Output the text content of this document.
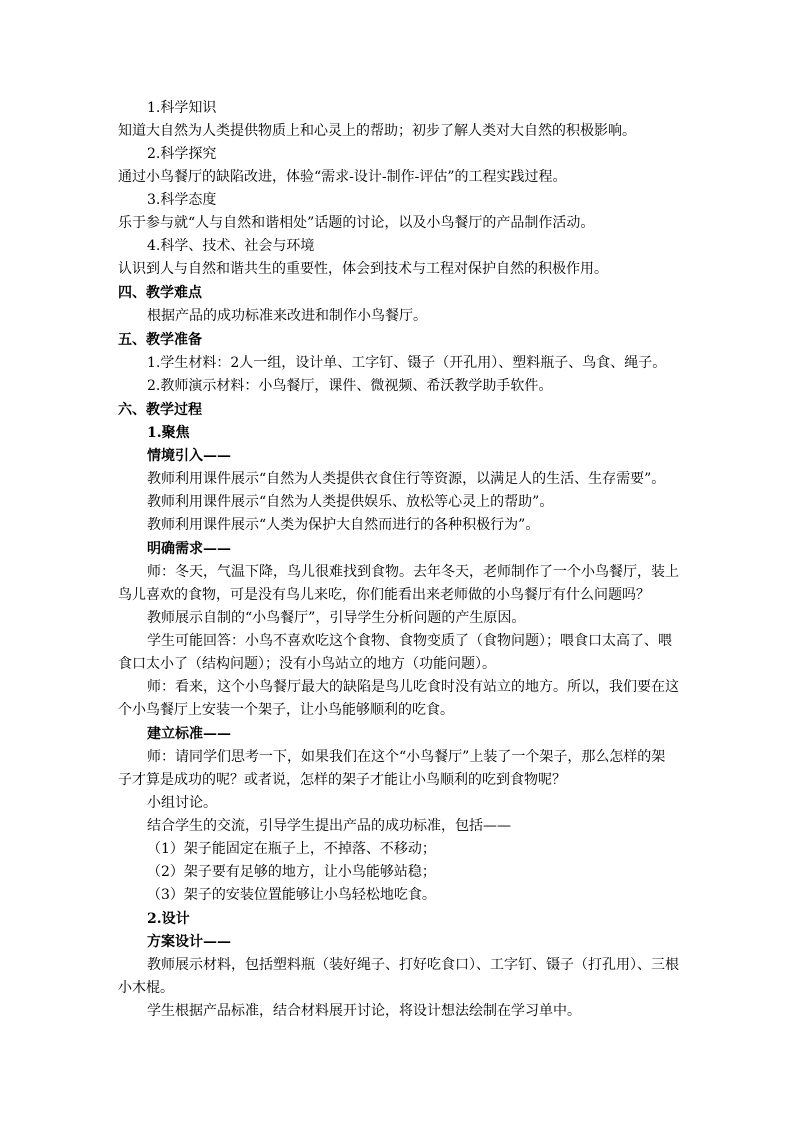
1.科学知识
知道大自然为人类提供物质上和心灵上的帮助；初步了解人类对大自然的积极影响。
2.科学探究
通过小鸟餐厅的缺陷改进，体验“需求-设计-制作-评估”的工程实践过程。
3.科学态度
乐于参与就“人与自然和谐相处”话题的讨论，以及小鸟餐厅的产品制作活动。
4.科学、技术、社会与环境
认识到人与自然和谐共生的重要性，体会到技术与工程对保护自然的积极作用。
四、教学难点
根据产品的成功标准来改进和制作小鸟餐厅。
五、教学准备
1.学生材料：2人一组，设计单、工字钉、镊子（开孔用）、塑料瓶子、鸟食、绳子。
2.教师演示材料：小鸟餐厅，课件、微视频、希沃教学助手软件。
六、教学过程
1.聚焦
情境引入——
教师利用课件展示“自然为人类提供衣食住行等资源，以满足人的生活、生存需要”。
教师利用课件展示“自然为人类提供娱乐、放松等心灵上的帮助”。
教师利用课件展示“人类为保护大自然而进行的各种积极行为”。
明确需求——
师：冬天，气温下降，鸟儿很难找到食物。去年冬天，老师制作了一个小鸟餐厅，装上
鸟儿喜欢的食物，可是没有鸟儿来吃，你们能看出来老师做的小鸟餐厅有什么问题吗？
教师展示自制的“小鸟餐厅”，引导学生分析问题的产生原因。
学生可能回答：小鸟不喜欢吃这个食物、食物变质了（食物问题）；喂食口太高了、喂
食口太小了（结构问题）；没有小鸟站立的地方（功能问题）。
师：看来，这个小鸟餐厅最大的缺陷是鸟儿吃食时没有站立的地方。所以，我们要在这
个小鸟餐厅上安装一个架子，让小鸟能够顺利的吃食。
建立标准——
师：请同学们思考一下，如果我们在这个“小鸟餐厅”上装了一个架子，那么怎样的架
子才算是成功的呢？或者说，怎样的架子才能让小鸟顺利的吃到食物呢？
小组讨论。
结合学生的交流，引导学生提出产品的成功标准，包括——
（1）架子能固定在瓶子上，不掉落、不移动；
（2）架子要有足够的地方，让小鸟能够站稳；
（3）架子的安装位置能够让小鸟轻松地吃食。
2.设计
方案设计——
教师展示材料，包括塑料瓶（装好绳子、打好吃食口）、工字钉、镊子（打孔用）、三根
小木棍。
学生根据产品标准，结合材料展开讨论，将设计想法绘制在学习单中。
